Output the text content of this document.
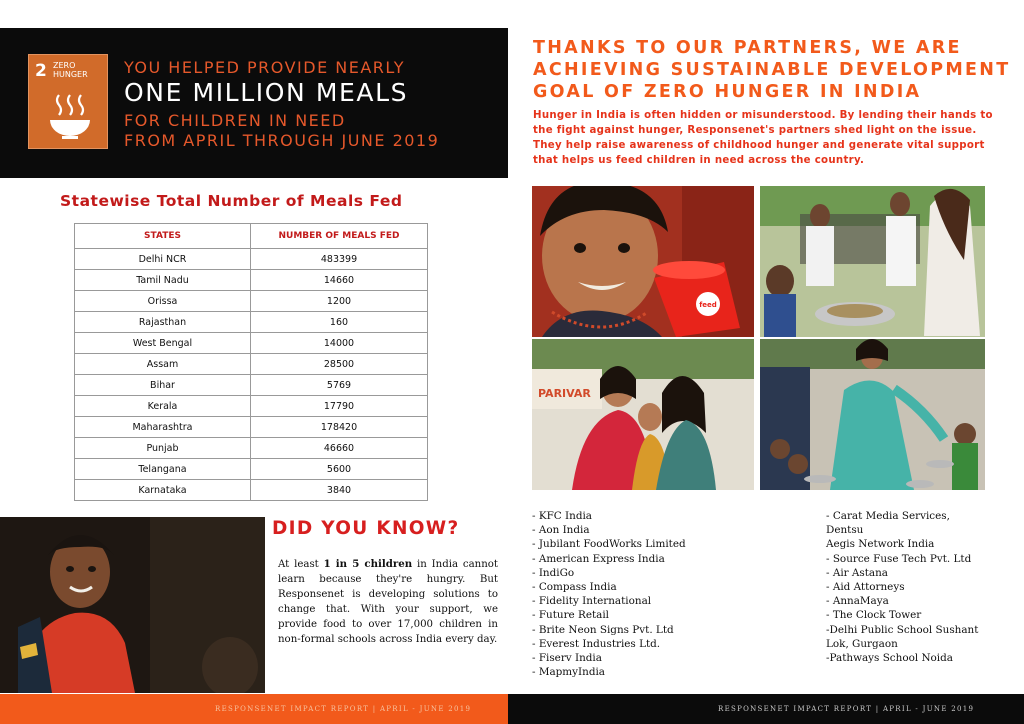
2 ZERO HUNGER	YOU HELPED PROVIDE NEARLY
ONE MILLION MEALS
FOR CHILDREN IN NEED
FROM APRIL THROUGH JUNE 2019
THANKS TO OUR PARTNERS, WE ARE
ACHIEVING SUSTAINABLE DEVELOPMENT
GOAL OF ZERO HUNGER IN INDIA
Hunger in India is often hidden or misunderstood. By lending their hands to the fight against hunger, Responsenet's partners shed light on the issue. They help raise awareness of childhood hunger and generate vital support that helps us feed children in need across the country.
Statewise Total Number of Meals Fed
STATES	NUMBER OF MEALS FED
Delhi NCR	483399
Tamil Nadu	14660
Orissa	1200
Rajasthan	160
West Bengal	14000
Assam	28500
Bihar	5769
Kerala	17790
Maharashtra	178420
Punjab	46660
Telangana	5600
Karnataka	3840
DID YOU KNOW?
At least 1 in 5 children in India cannot learn because they're hungry. But Responsenet is developing solutions to change that. With your support, we provide food to over 17,000 children in non-formal schools across India every day.
feed
PARIVAR
- KFC India
- Aon India
- Jubilant FoodWorks Limited
- American Express India
- IndiGo
- Compass India
- Fidelity International
- Future Retail
- Brite Neon Signs Pvt. Ltd
- Everest Industries Ltd.
- Fiserv India
- MapmyIndia
- Carat Media Services,
Dentsu
Aegis Network India
- Source Fuse Tech Pvt. Ltd
- Air Astana
- Aid Attorneys
- AnnaMaya
- The Clock Tower
-Delhi Public School Sushant Lok, Gurgaon
-Pathways School Noida
RESPONSENET IMPACT REPORT | APRIL - JUNE 2019	RESPONSENET IMPACT REPORT | APRIL - JUNE 2019
